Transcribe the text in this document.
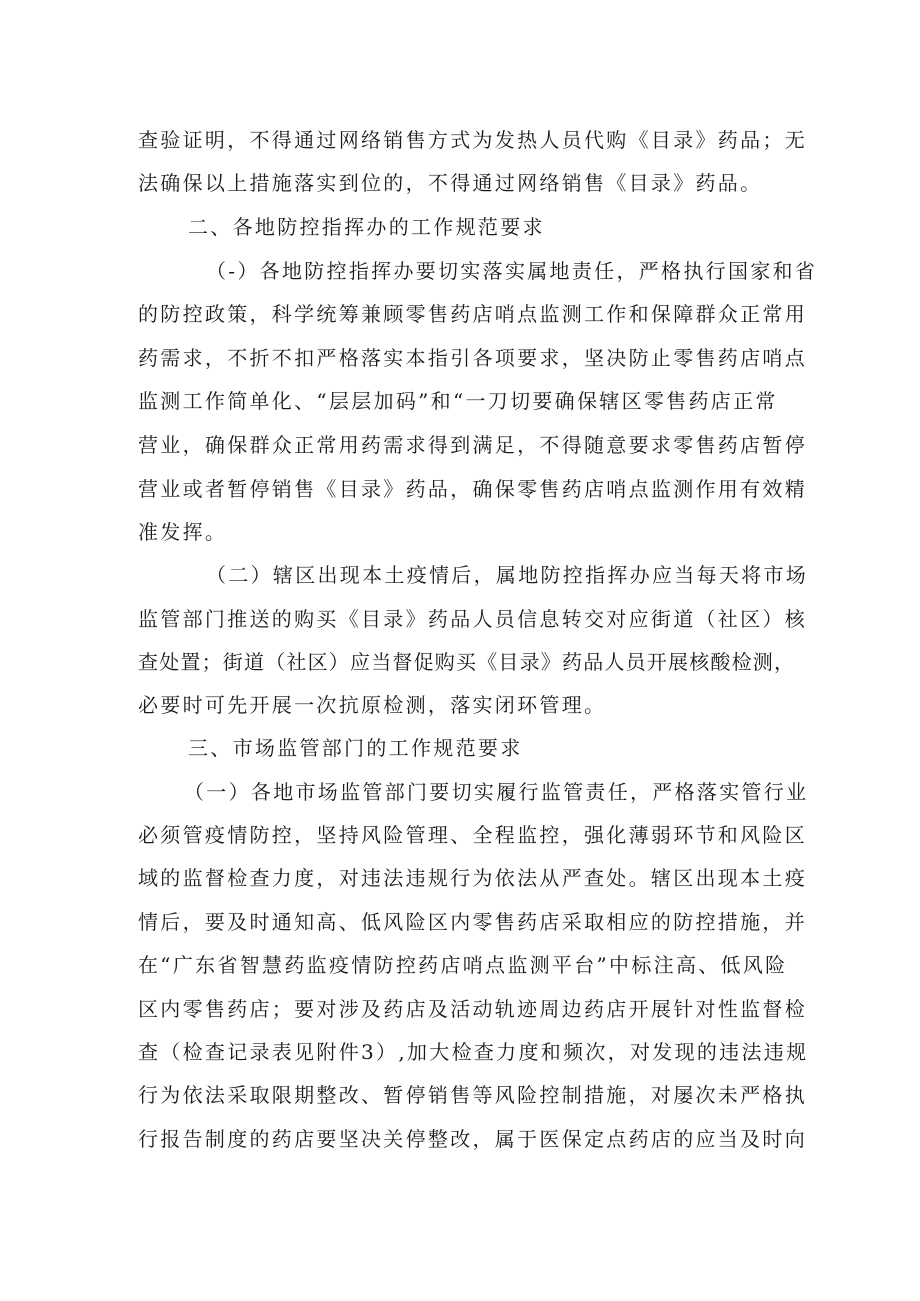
查验证明，不得通过网络销售方式为发热人员代购《目录》药品；无
法确保以上措施落实到位的，不得通过网络销售《目录》药品。
二、各地防控指挥办的工作规范要求
（-）各地防控指挥办要切实落实属地责任，严格执行国家和省
的防控政策，科学统筹兼顾零售药店哨点监测工作和保障群众正常用
药需求，不折不扣严格落实本指引各项要求，坚决防止零售药店哨点
监测工作简单化、“层层加码”和“一刀切要确保辖区零售药店正常
营业，确保群众正常用药需求得到满足，不得随意要求零售药店暂停
营业或者暂停销售《目录》药品，确保零售药店哨点监测作用有效精
准发挥。
（二）辖区出现本土疫情后，属地防控指挥办应当每天将市场
监管部门推送的购买《目录》药品人员信息转交对应街道（社区）核
查处置；街道（社区）应当督促购买《目录》药品人员开展核酸检测，
必要时可先开展一次抗原检测，落实闭环管理。
三、市场监管部门的工作规范要求
（一）各地市场监管部门要切实履行监管责任，严格落实管行业
必须管疫情防控，坚持风险管理、全程监控，强化薄弱环节和风险区
域的监督检查力度，对违法违规行为依法从严查处。辖区出现本土疫
情后，要及时通知高、低风险区内零售药店采取相应的防控措施，并
在“广东省智慧药监疫情防控药店哨点监测平台”中标注高、低风险
区内零售药店；要对涉及药店及活动轨迹周边药店开展针对性监督检
查（检查记录表见附件3）,加大检查力度和频次，对发现的违法违规
行为依法采取限期整改、暂停销售等风险控制措施，对屡次未严格执
行报告制度的药店要坚决关停整改，属于医保定点药店的应当及时向
